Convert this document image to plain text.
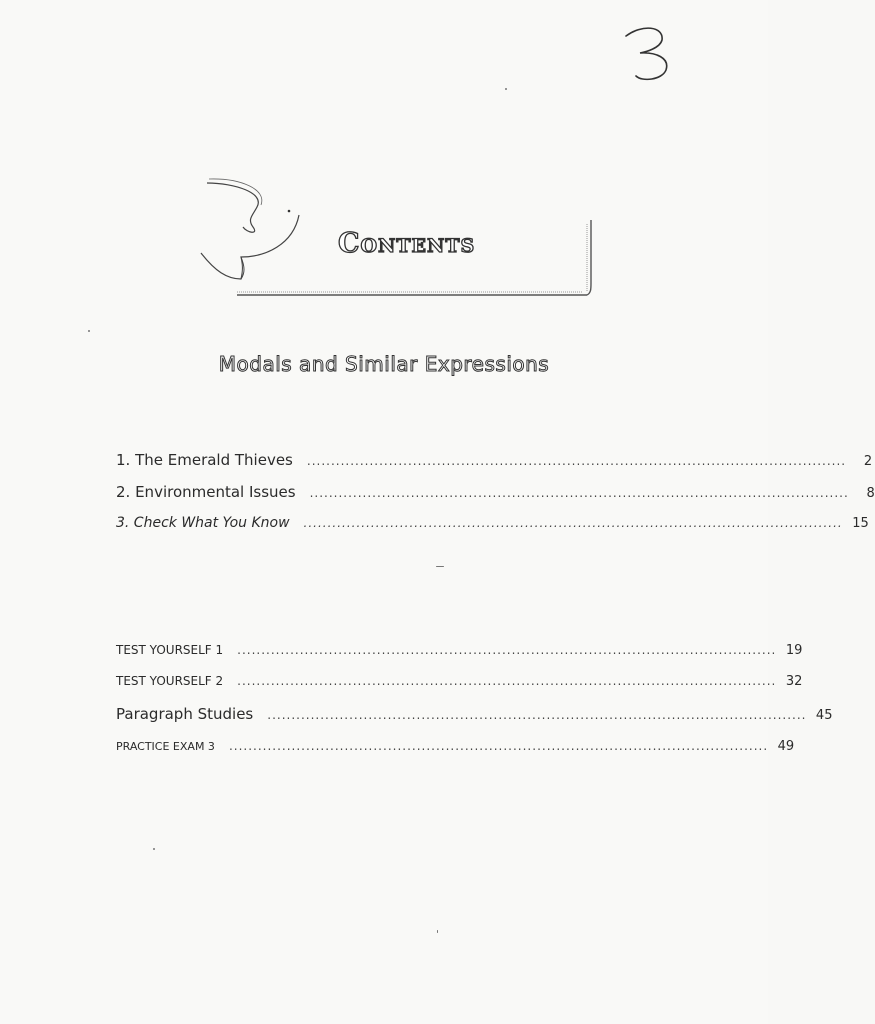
Contents
Modals and Similar Expressions
1. The Emerald Thieves ................................................................................................................	2
2. Environmental Issues ................................................................................................................	8
3. Check What You Know ................................................................................................................ 15
TEST YOURSELF 1 ................................................................................................................ 19
TEST YOURSELF 2 ................................................................................................................ 32
Paragraph Studies ................................................................................................................ 45
PRACTICE EXAM 3 ................................................................................................................ 49
